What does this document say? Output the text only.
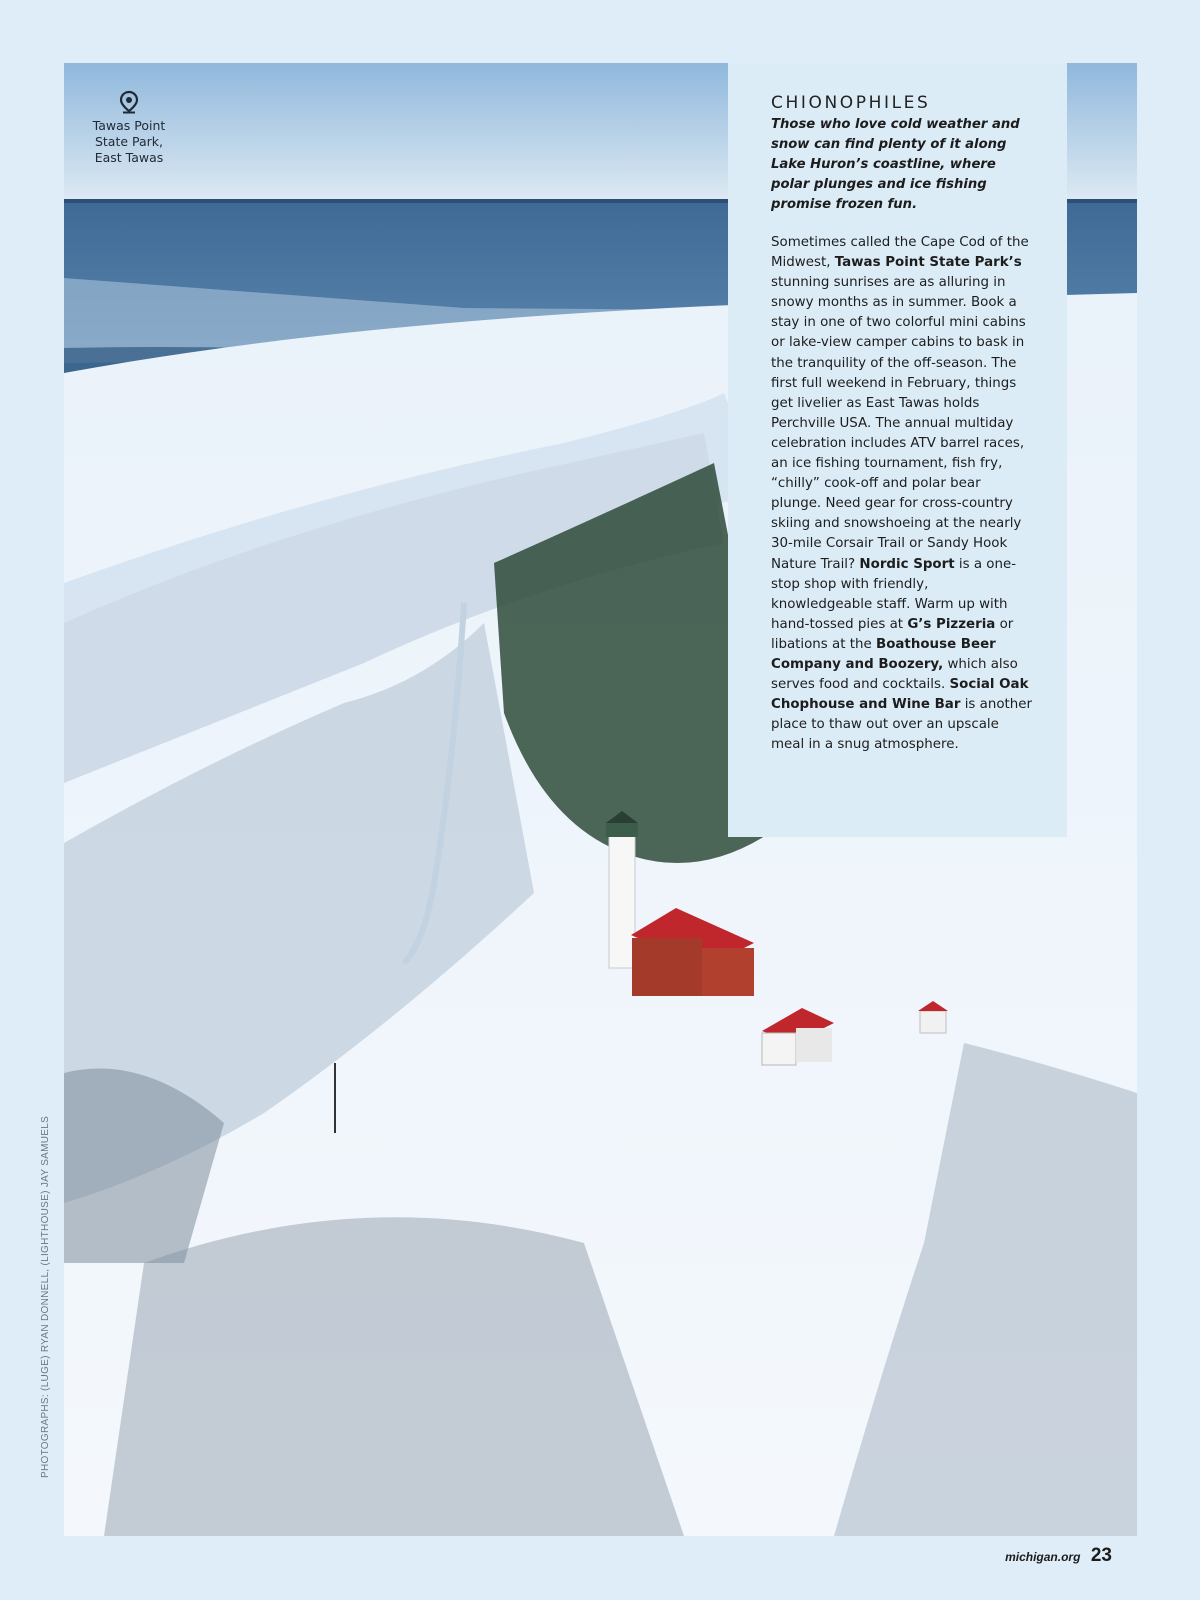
Tawas Point
State Park,
East Tawas
CHIONOPHILES

Those who love cold weather and snow can find plenty of it along Lake Huron’s coastline, where polar plunges and ice fishing promise frozen fun.

Sometimes called the Cape Cod of the Midwest, Tawas Point State Park’s stunning sunrises are as alluring in snowy months as in summer. Book a stay in one of two colorful mini cabins or lake-view camper cabins to bask in the tranquility of the off-season. The first full weekend in February, things get livelier as East Tawas holds Perchville USA. The annual multiday celebration includes ATV barrel races, an ice fishing tournament, fish fry, “chilly” cook-off and polar bear plunge. Need gear for cross-country skiing and snowshoeing at the nearly 30-mile Corsair Trail or Sandy Hook Nature Trail? Nordic Sport is a one-stop shop with friendly, knowledgeable staff. Warm up with hand-tossed pies at G’s Pizzeria or libations at the Boathouse Beer Company and Boozery, which also serves food and cocktails. Social Oak Chophouse and Wine Bar is another place to thaw out over an upscale meal in a snug atmosphere.

PHOTOGRAPHS: (LUGE) RYAN DONNELL, (LIGHTHOUSE) JAY SAMUELS
michigan.org 23
